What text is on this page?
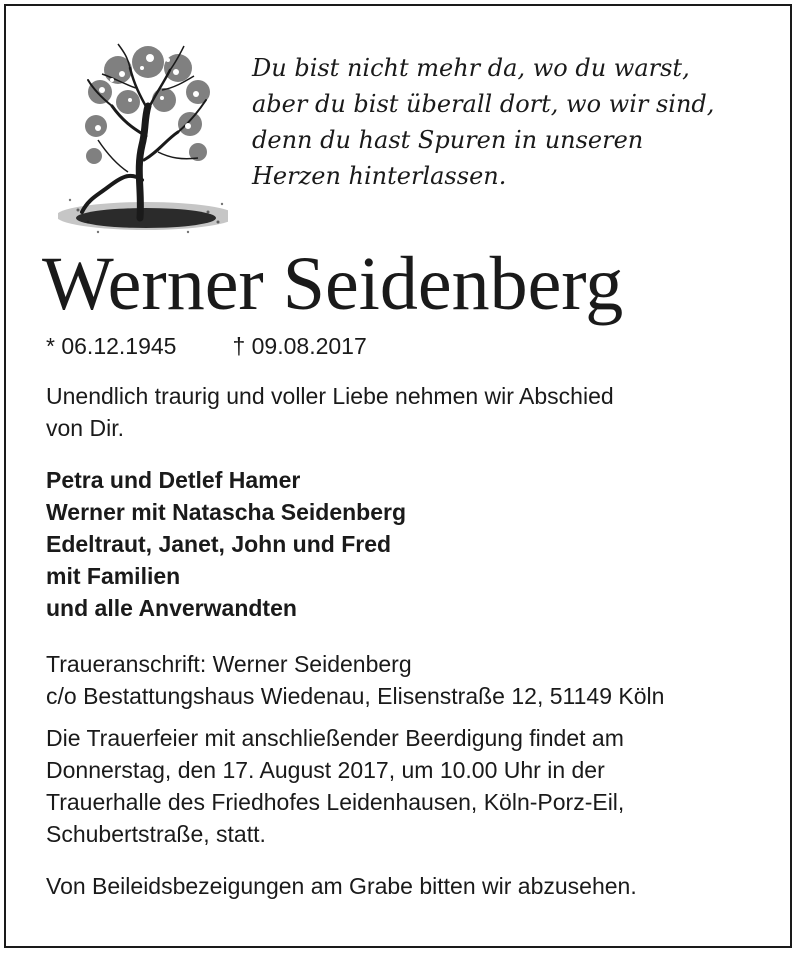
Du bist nicht mehr da, wo du warst,
aber du bist überall dort, wo wir sind,
denn du hast Spuren in unseren
Herzen hinterlassen.
Werner Seidenberg
* 06.12.1945 † 09.08.2017
Unendlich traurig und voller Liebe nehmen wir Abschied
von Dir.
Petra und Detlef Hamer
Werner mit Natascha Seidenberg
Edeltraut, Janet, John und Fred
mit Familien
und alle Anverwandten
Traueranschrift: Werner Seidenberg
c/o Bestattungshaus Wiedenau, Elisenstraße 12, 51149 Köln
Die Trauerfeier mit anschließender Beerdigung findet am
Donnerstag, den 17. August 2017, um 10.00 Uhr in der
Trauerhalle des Friedhofes Leidenhausen, Köln-Porz-Eil,
Schubertstraße, statt.
Von Beileidsbezeigungen am Grabe bitten wir abzusehen.
